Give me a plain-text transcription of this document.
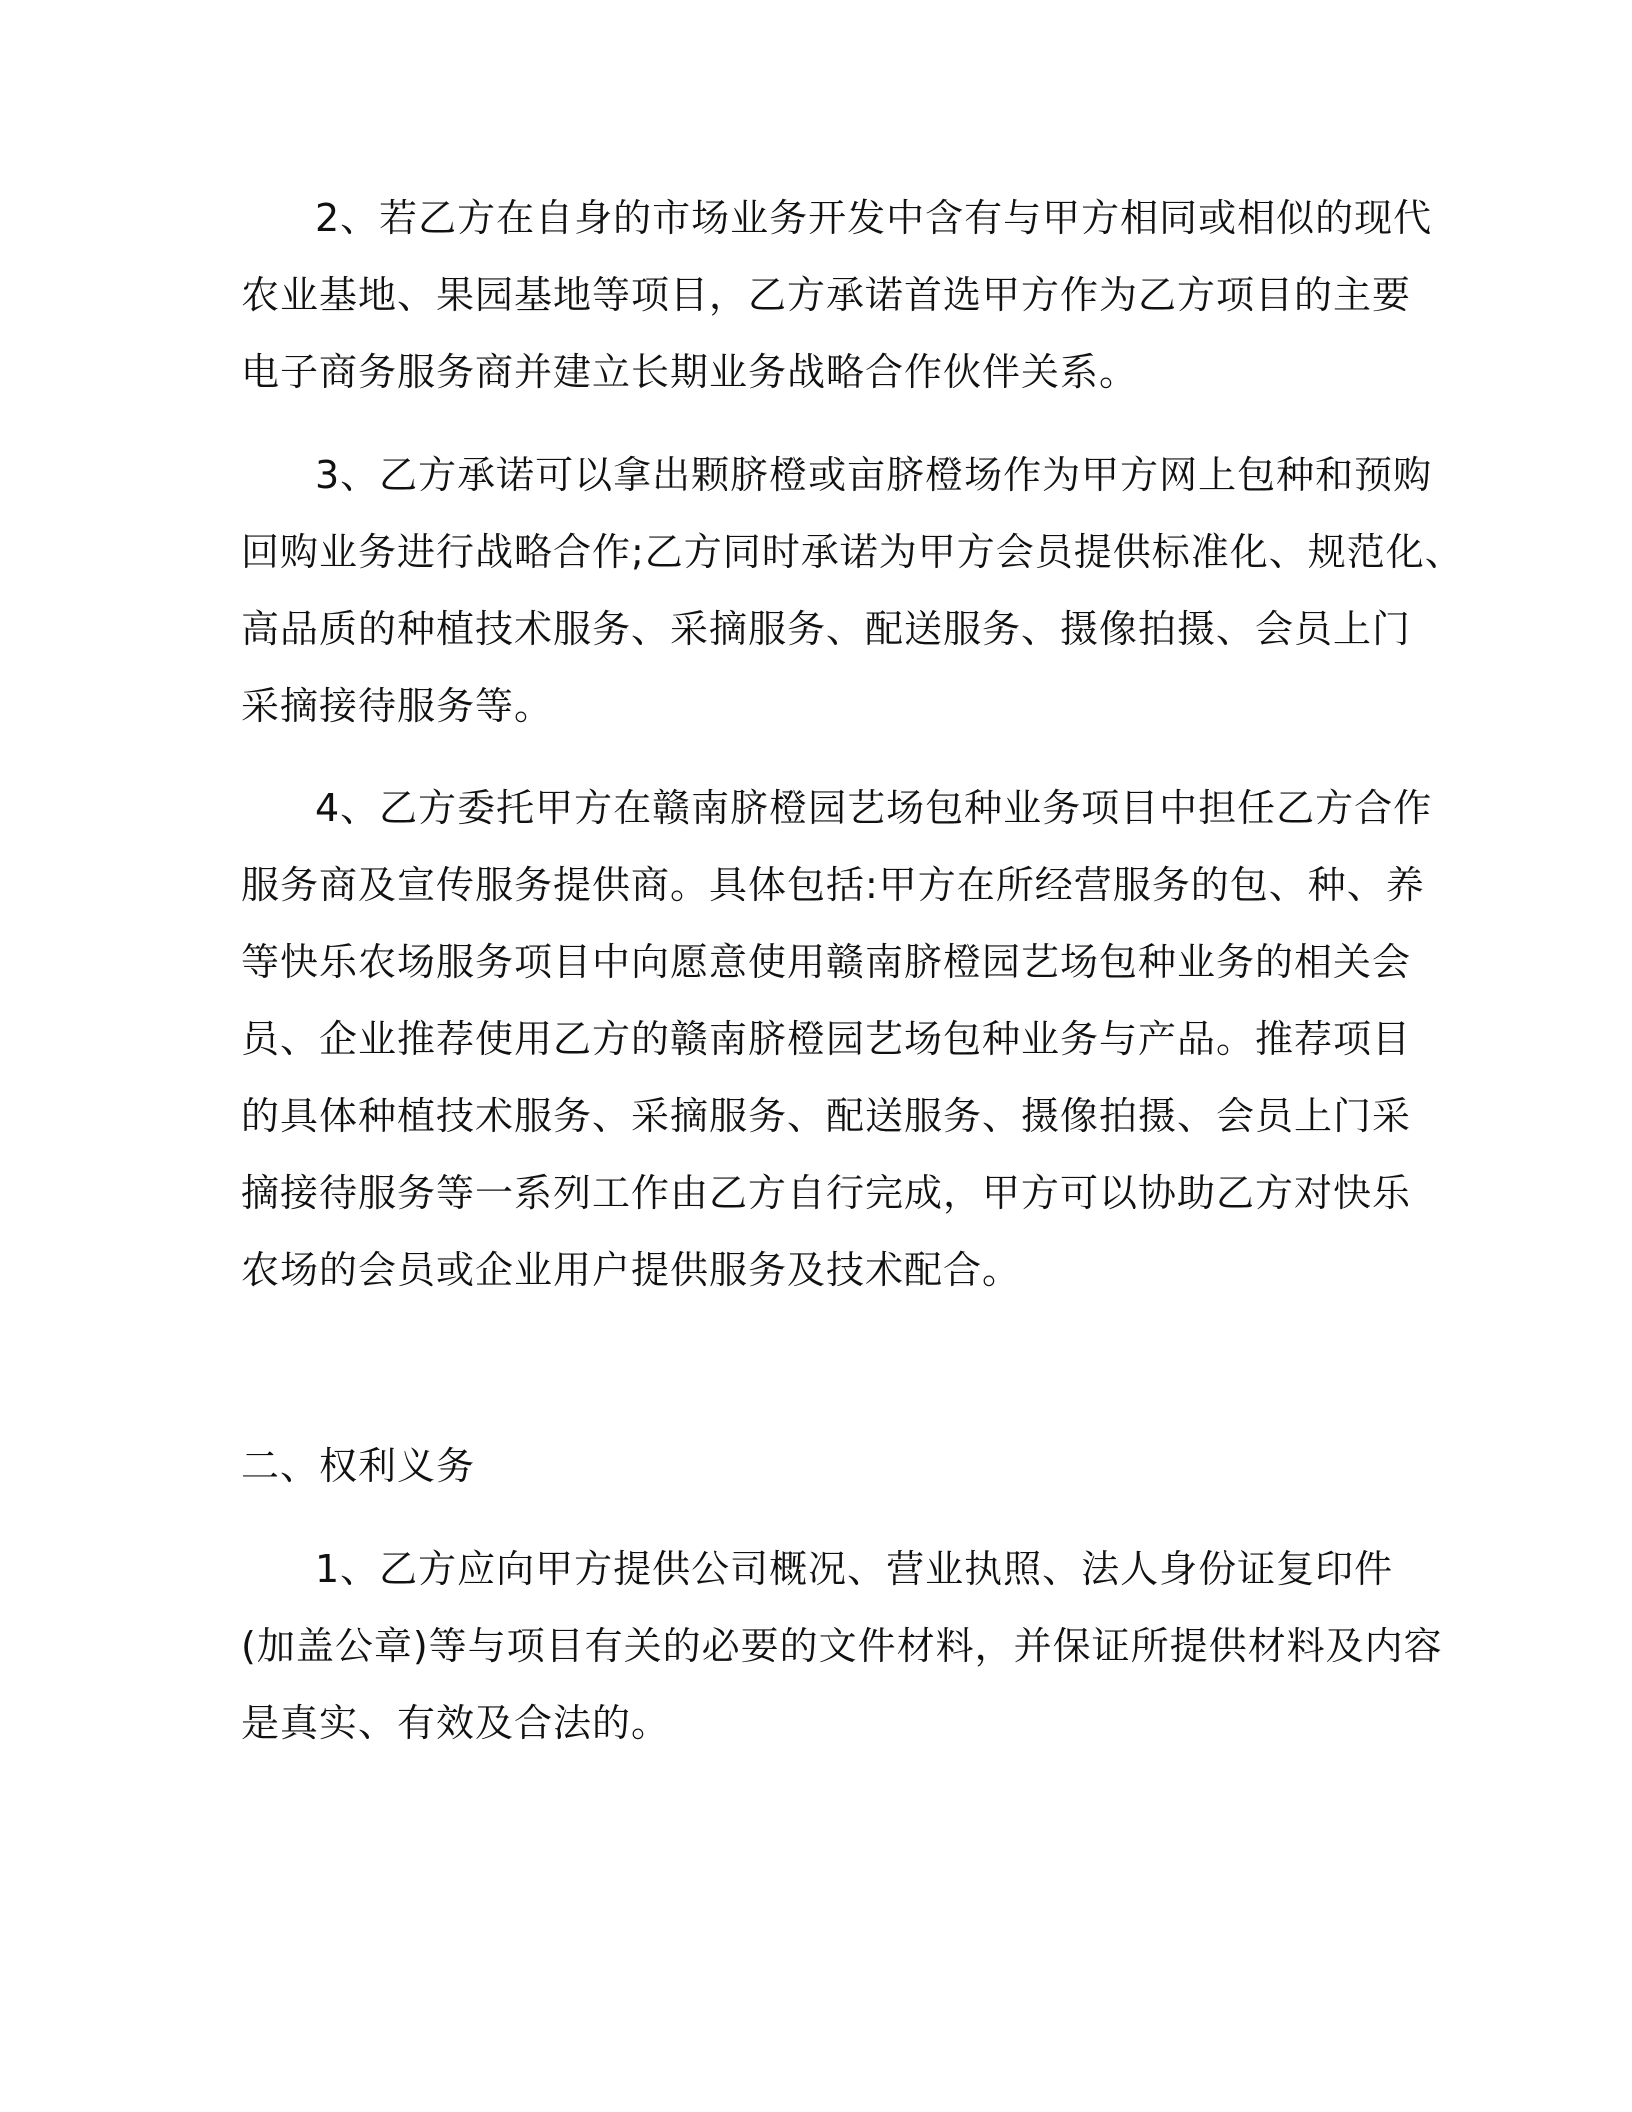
2、若乙方在自身的市场业务开发中含有与甲方相同或相似的现代
农业基地、果园基地等项目，乙方承诺首选甲方作为乙方项目的主要
电子商务服务商并建立长期业务战略合作伙伴关系。
3、乙方承诺可以拿出颗脐橙或亩脐橙场作为甲方网上包种和预购
回购业务进行战略合作;乙方同时承诺为甲方会员提供标准化、规范化、
高品质的种植技术服务、采摘服务、配送服务、摄像拍摄、会员上门
采摘接待服务等。
4、乙方委托甲方在赣南脐橙园艺场包种业务项目中担任乙方合作
服务商及宣传服务提供商。具体包括:甲方在所经营服务的包、种、养
等快乐农场服务项目中向愿意使用赣南脐橙园艺场包种业务的相关会
员、企业推荐使用乙方的赣南脐橙园艺场包种业务与产品。推荐项目
的具体种植技术服务、采摘服务、配送服务、摄像拍摄、会员上门采
摘接待服务等一系列工作由乙方自行完成，甲方可以协助乙方对快乐
农场的会员或企业用户提供服务及技术配合。
二、权利义务
1、乙方应向甲方提供公司概况、营业执照、法人身份证复印件
(加盖公章)等与项目有关的必要的文件材料，并保证所提供材料及内容
是真实、有效及合法的。
